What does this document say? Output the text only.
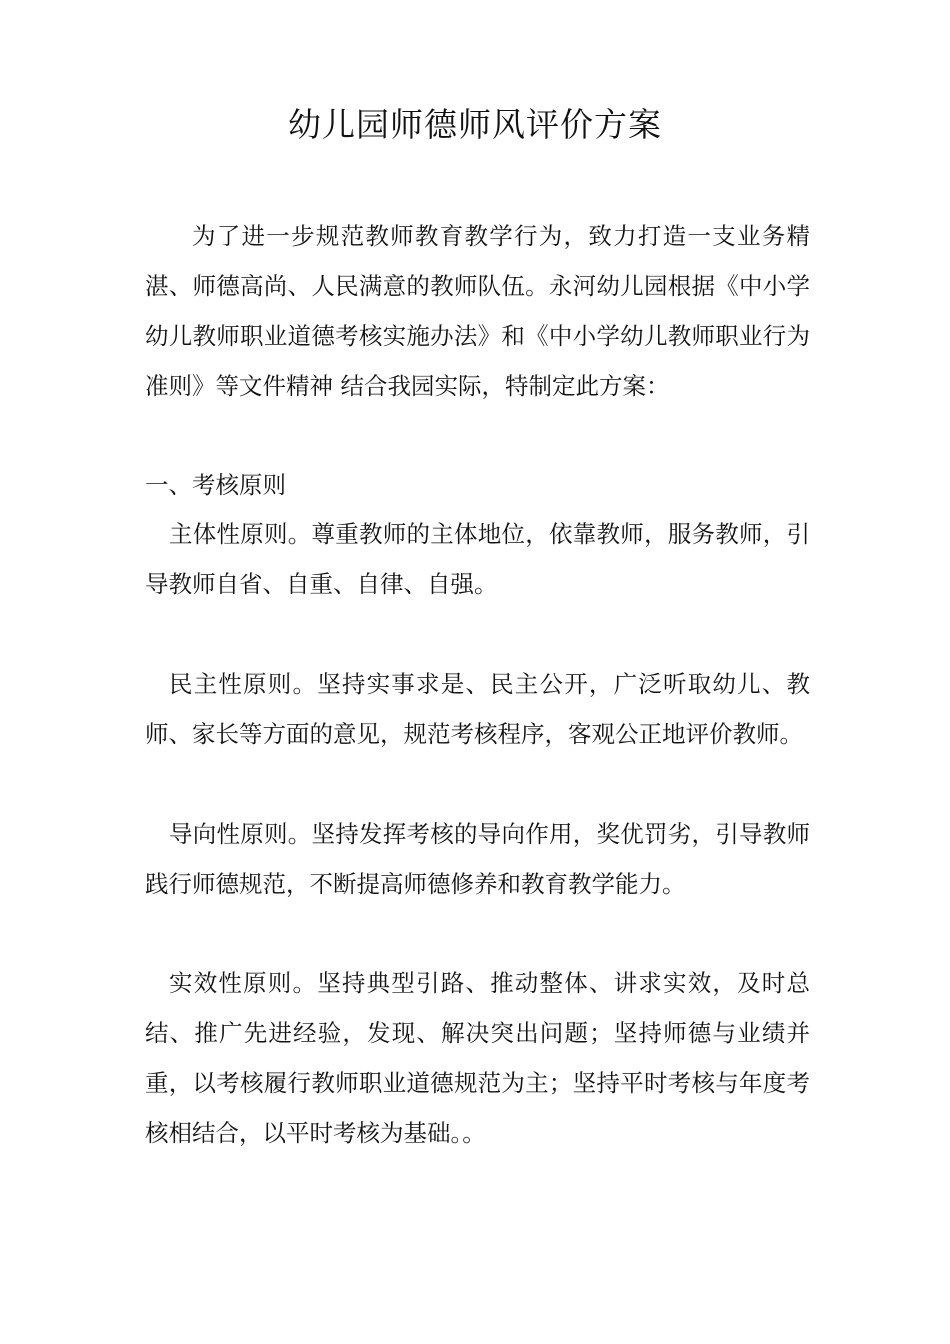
幼儿园师德师风评价方案
为了进一步规范教师教育教学行为，致力打造一支业务精湛、师德高尚、人民满意的教师队伍。永河幼儿园根据《中小学幼儿教师职业道德考核实施办法》和《中小学幼儿教师职业行为准则》等文件精神 结合我园实际，特制定此方案：
一、考核原则
主体性原则。尊重教师的主体地位，依靠教师，服务教师，引导教师自省、自重、自律、自强。
民主性原则。坚持实事求是、民主公开，广泛听取幼儿、教师、家长等方面的意见，规范考核程序，客观公正地评价教师。
导向性原则。坚持发挥考核的导向作用，奖优罚劣，引导教师践行师德规范，不断提高师德修养和教育教学能力。
实效性原则。坚持典型引路、推动整体、讲求实效，及时总结、推广先进经验，发现、解决突出问题；坚持师德与业绩并重，以考核履行教师职业道德规范为主；坚持平时考核与年度考核相结合，以平时考核为基础。。
